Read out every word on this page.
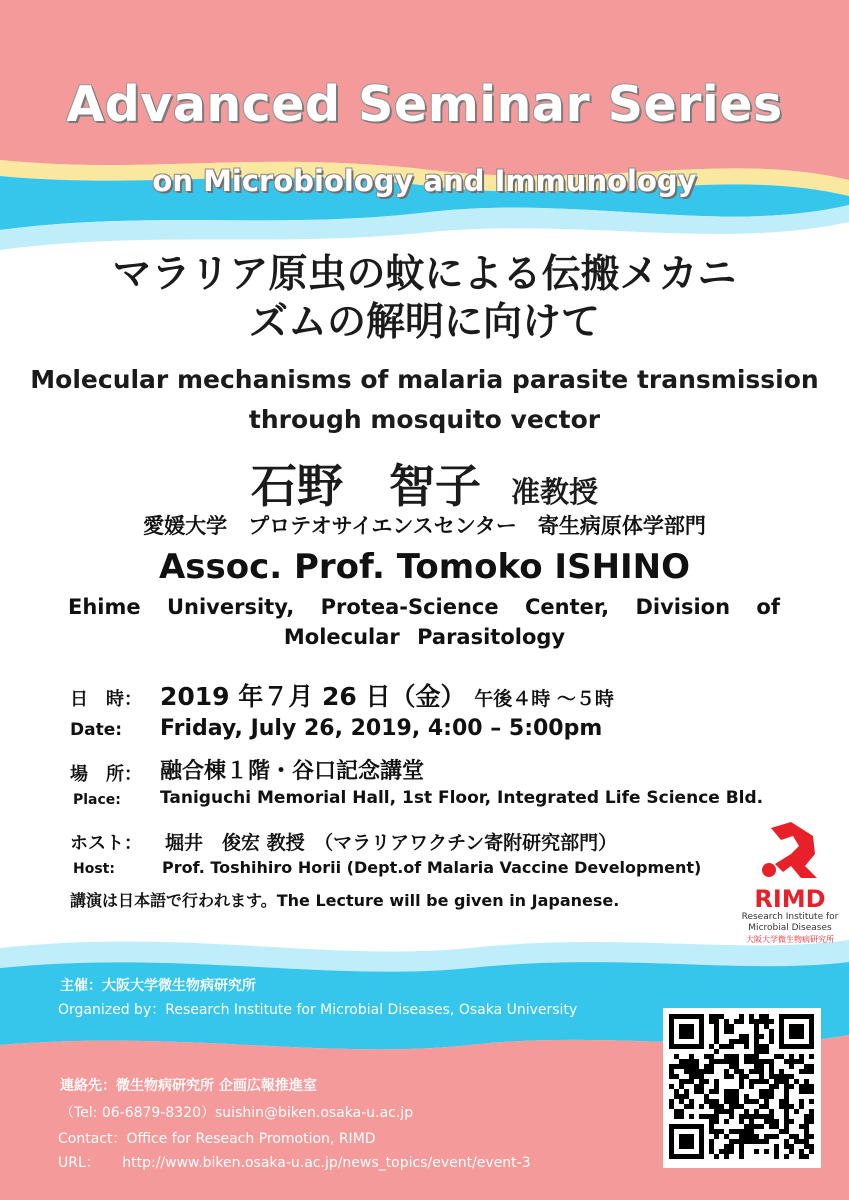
Advanced Seminar Series
on Microbiology and Immunology
マラリア原虫の蚊による伝搬メカニ
ズムの解明に向けて
Molecular mechanisms of malaria parasite transmission
through mosquito vector
石野　智子 准教授
愛媛大学　プロテオサイエンスセンター　寄生病原体学部門
Assoc. Prof. Tomoko ISHINO
Ehime University, Protea-Science Center, Division of
Molecular Parasitology
日　時： 2019 年７月 26 日（金） 午後４時 ～５時
Date: Friday, July 26, 2019, 4:00 – 5:00pm
場　所： 融合棟１階・谷口記念講堂
Place: Taniguchi Memorial Hall, 1st Floor, Integrated Life Science Bld.
ホスト： 堀井　俊宏 教授　（マラリアワクチン寄附研究部門）
Host:	Prof. Toshihiro Horii (Dept.of Malaria Vaccine Development)
講演は日本語で行われます。The Lecture will be given in Japanese.	RIMD
Research Institute for
Microbial Diseases
大阪大学微生物病研究所
主催：大阪大学微生物病研究所
Organized by：Research Institute for Microbial Diseases, Osaka University
連絡先：微生物病研究所 企画広報推進室
（Tel: 06-6879-8320）suishin@biken.osaka-u.ac.jp
Contact：Office for Reseach Promotion, RIMD
URL： http://www.biken.osaka-u.ac.jp/news_topics/event/event-3
